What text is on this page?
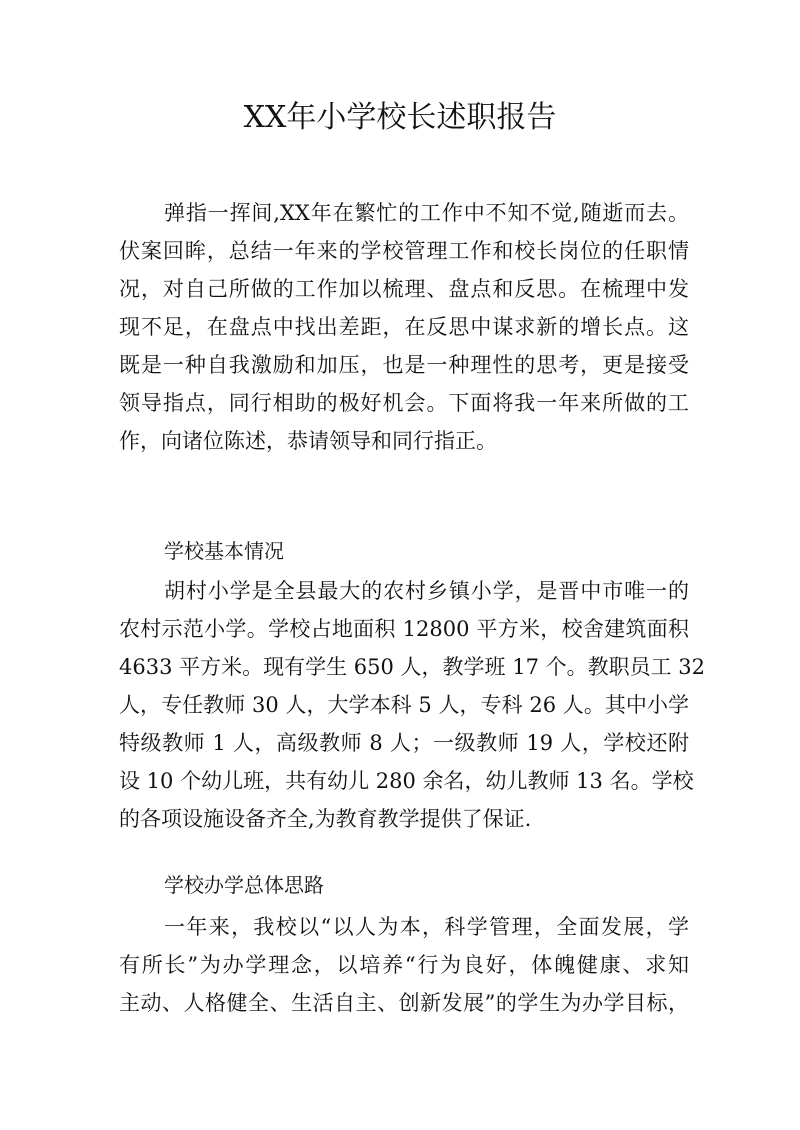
XX年小学校长述职报告

弹指一挥间,XX年在繁忙的工作中不知不觉,随逝而去。

伏案回眸，总结一年来的学校管理工作和校长岗位的任职情

况，对自己所做的工作加以梳理、盘点和反思。在梳理中发

现不足，在盘点中找出差距，在反思中谋求新的增长点。这

既是一种自我激励和加压，也是一种理性的思考，更是接受

领导指点，同行相助的极好机会。下面将我一年来所做的工

作，向诸位陈述，恭请领导和同行指正。

学校基本情况

胡村小学是全县最大的农村乡镇小学，是晋中市唯一的

农村示范小学。学校占地面积 12800 平方米，校舍建筑面积

4633 平方米。现有学生 650 人，教学班 17 个。教职员工 32

人，专任教师 30 人，大学本科 5 人，专科 26 人。其中小学

特级教师 1 人，高级教师 8 人；一级教师 19 人，学校还附

设 10 个幼儿班，共有幼儿 280 余名，幼儿教师 13 名。学校

的各项设施设备齐全,为教育教学提供了保证.

学校办学总体思路

一年来，我校以“以人为本，科学管理，全面发展，学

有所长”为办学理念，以培养“行为良好，体魄健康、求知

主动、人格健全、生活自主、创新发展”的学生为办学目标，
